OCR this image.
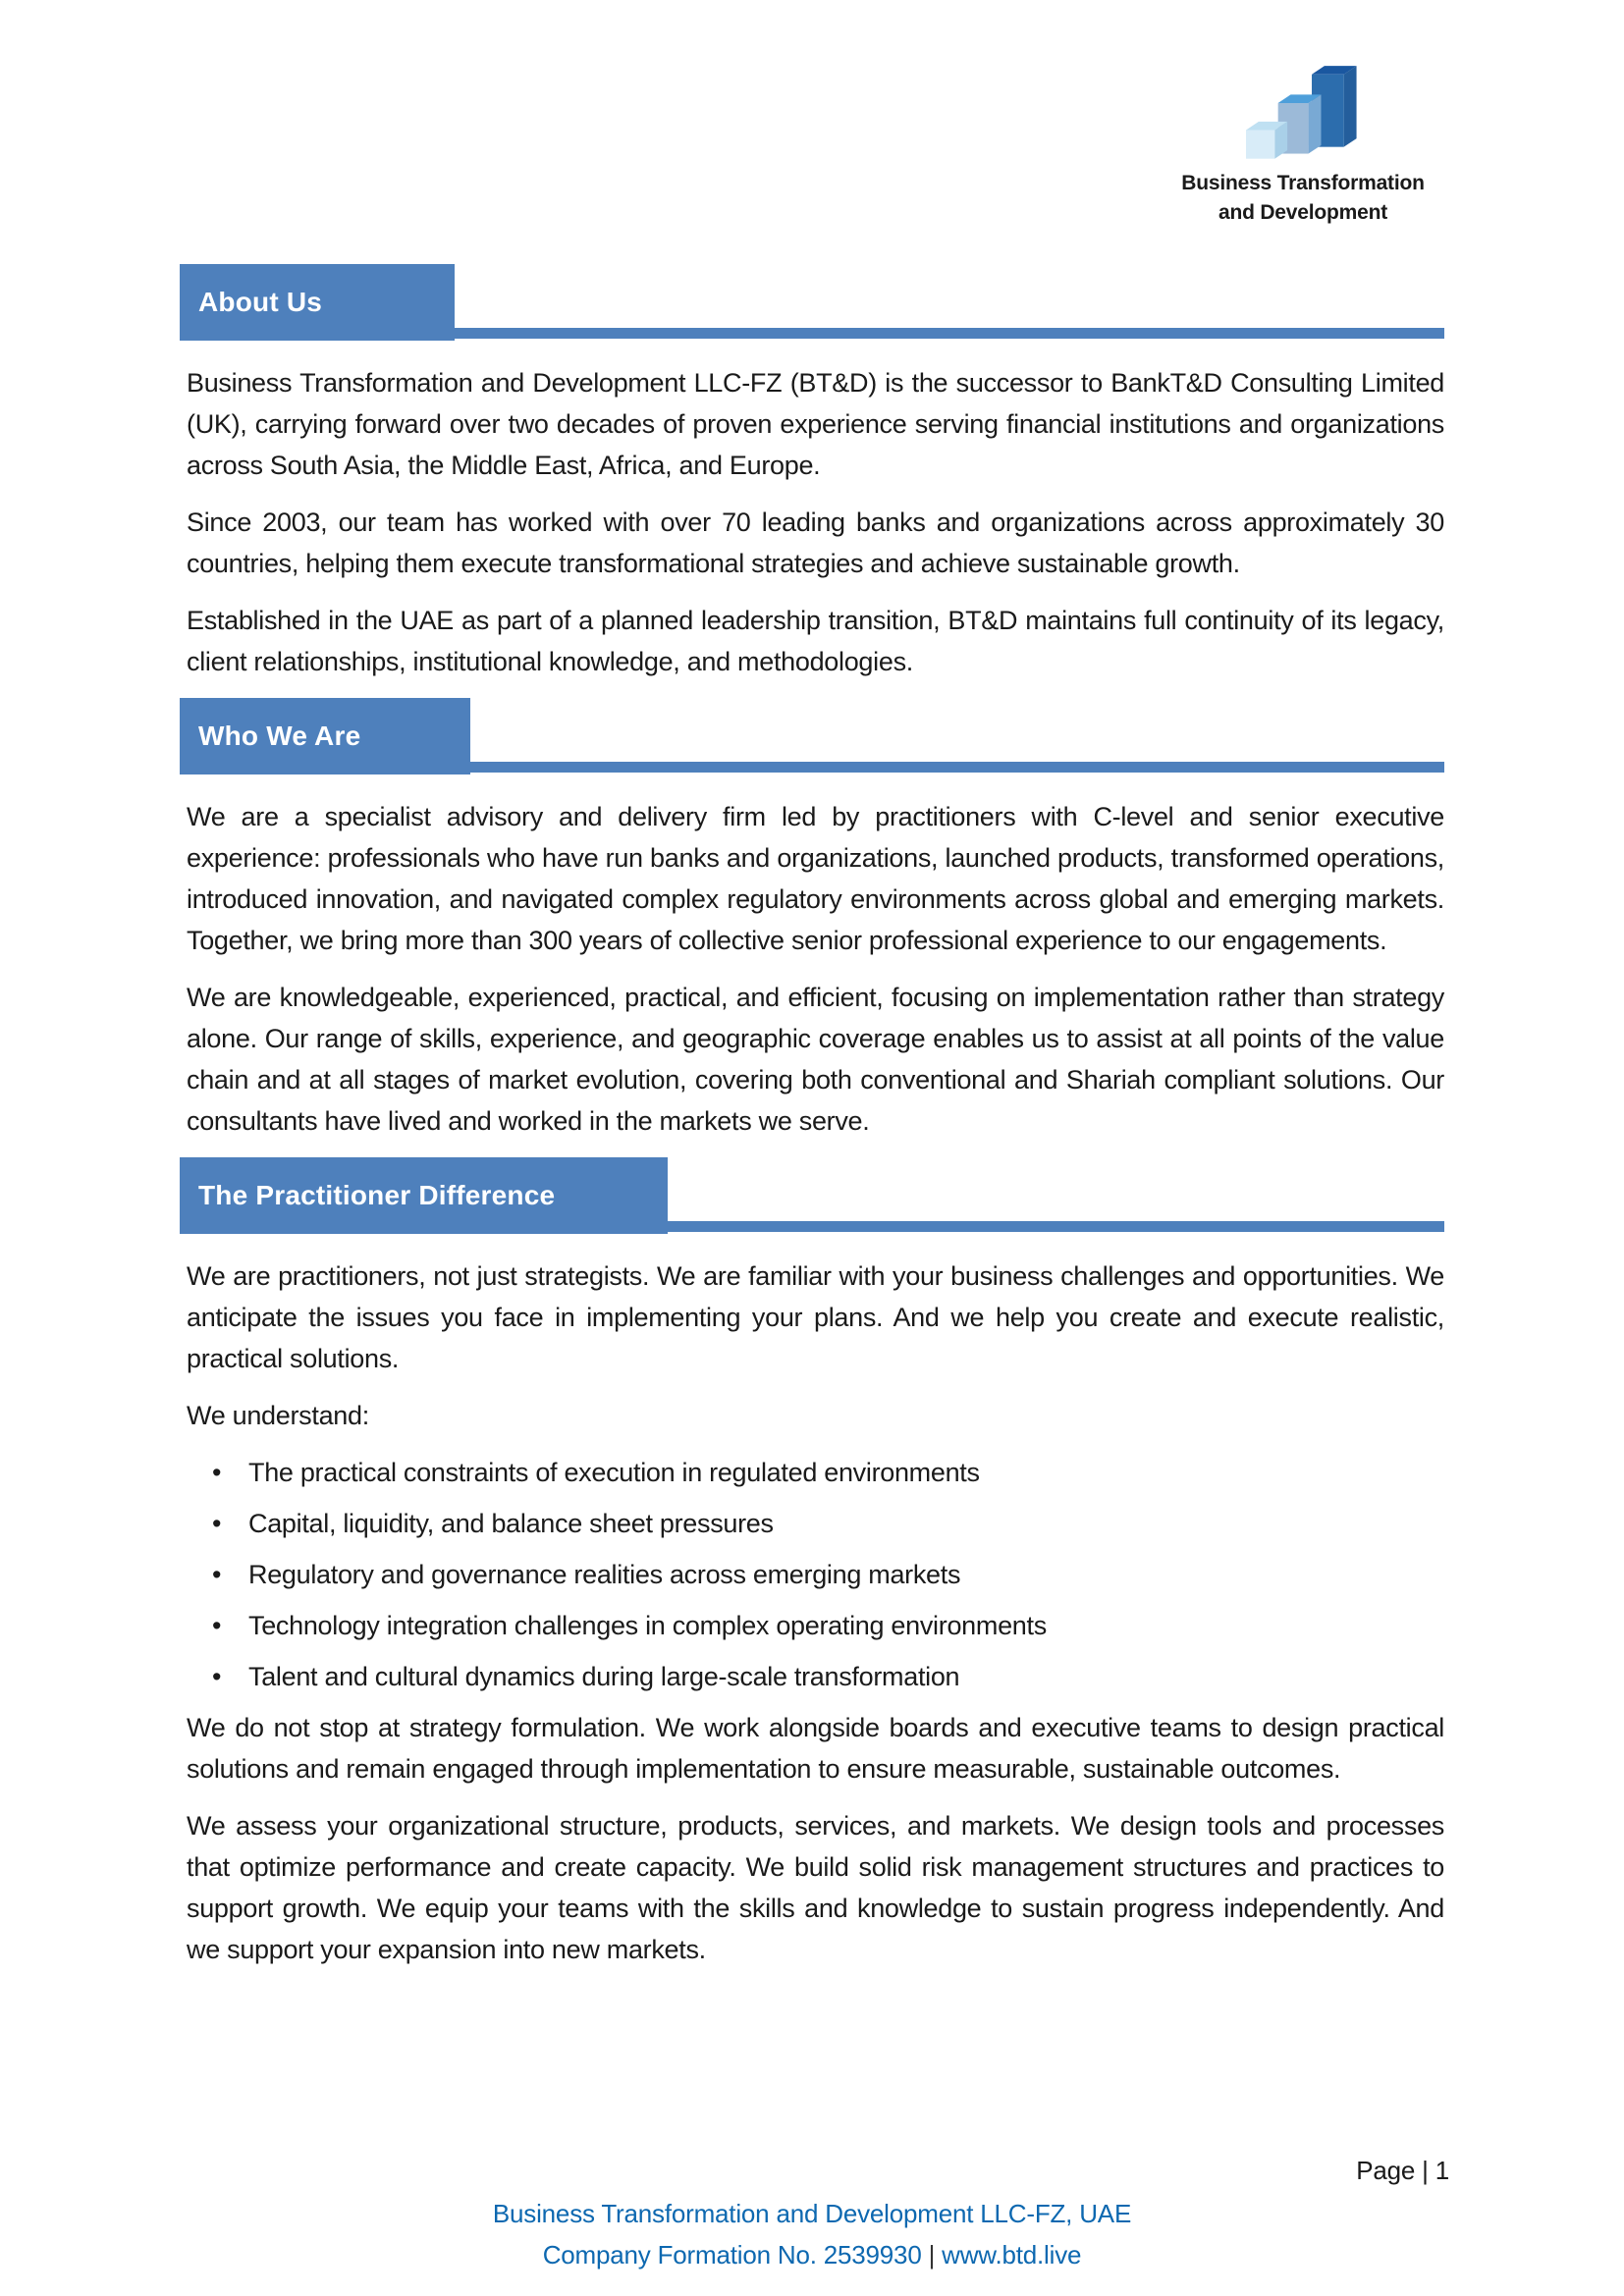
Business Transformation
and Development
About Us

Business Transformation and Development LLC-FZ (BT&D) is the successor to BankT&D Consulting Limited (UK), carrying forward over two decades of proven experience serving financial institutions and organizations across South Asia, the Middle East, Africa, and Europe.

Since 2003, our team has worked with over 70 leading banks and organizations across approximately 30 countries, helping them execute transformational strategies and achieve sustainable growth.

Established in the UAE as part of a planned leadership transition, BT&D maintains full continuity of its legacy, client relationships, institutional knowledge, and methodologies.

Who We Are

We are a specialist advisory and delivery firm led by practitioners with C-level and senior executive experience: professionals who have run banks and organizations, launched products, transformed operations, introduced innovation, and navigated complex regulatory environments across global and emerging markets. Together, we bring more than 300 years of collective senior professional experience to our engagements.

We are knowledgeable, experienced, practical, and efficient, focusing on implementation rather than strategy alone. Our range of skills, experience, and geographic coverage enables us to assist at all points of the value chain and at all stages of market evolution, covering both conventional and Shariah compliant solutions. Our consultants have lived and worked in the markets we serve.

The Practitioner Difference

We are practitioners, not just strategists. We are familiar with your business challenges and opportunities. We anticipate the issues you face in implementing your plans. And we help you create and execute realistic, practical solutions.

We understand:

• The practical constraints of execution in regulated environments
• Capital, liquidity, and balance sheet pressures
• Regulatory and governance realities across emerging markets
• Technology integration challenges in complex operating environments
• Talent and cultural dynamics during large-scale transformation

We do not stop at strategy formulation. We work alongside boards and executive teams to design practical solutions and remain engaged through implementation to ensure measurable, sustainable outcomes.

We assess your organizational structure, products, services, and markets. We design tools and processes that optimize performance and create capacity. We build solid risk management structures and practices to support growth. We equip your teams with the skills and knowledge to sustain progress independently. And we support your expansion into new markets.

Page | 1
Business Transformation and Development LLC-FZ, UAE
Company Formation No. 2539930 | www.btd.live
